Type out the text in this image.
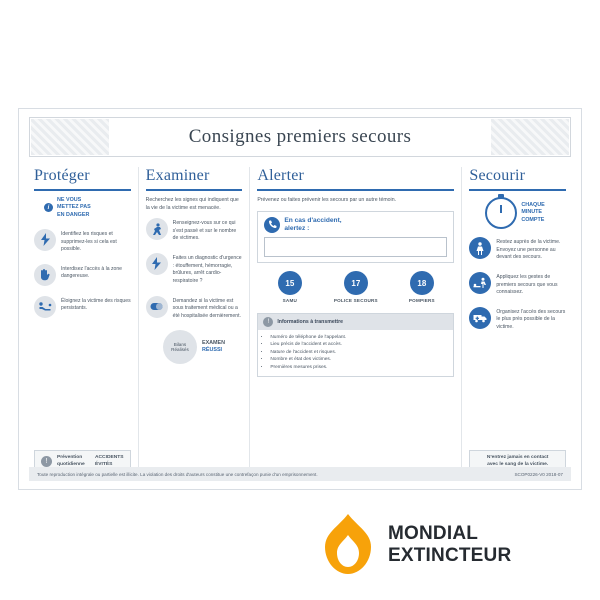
Consignes premiers secours
Protéger
i
NE VOUS
METTEZ PAS
EN DANGER
Identifiez les risques et supprimez-les si cela est possible.
Interdisez l'accès à la zone dangereuse.
Éloignez la victime des risques persistants.
!
Prévention quotidienne
ACCIDENTS ÉVITÉS
Examiner

Recherchez les signes qui indiquent que la vie de la victime est menacée.

Renseignez-vous sur ce qui s'est passé et sur le nombre de victimes.
Faites un diagnostic d'urgence : étouffement, hémorragie, brûlures, arrêt cardio-respiratoire ?
Demandez si la victime est sous traitement médical ou a été hospitalisée dernièrement.
Bilans
Réalisés
EXAMEN
RÉUSSI
Alerter

Prévenez ou faites prévenir les secours par un autre témoin.

En cas d'accident,
alertez :
15
SAMU
17
POLICE SECOURS
18
POMPIERS
!	Informations à transmettre
• Numéro de téléphone de l'appelant.
• Lieu précis de l'accident et accès.
• Nature de l'accident et risques.
• Nombre et état des victimes.
• Premières mesures prises.
Secourir
CHAQUE
MINUTE
COMPTE
Restez auprès de la victime. Envoyez une personne au devant des secours.
Appliquez les gestes de premiers secours que vous connaissez.
Organisez l'accès des secours le plus près possible de la victime.
N'entrez jamais en contact
avec le sang de la victime.
Toute reproduction intégrale ou partielle est illicite. La violation des droits d'auteurs constitue une contrefaçon punie d'un emprisonnement.	SCOP0226-V0 2018-07
MONDIAL
EXTINCTEUR
